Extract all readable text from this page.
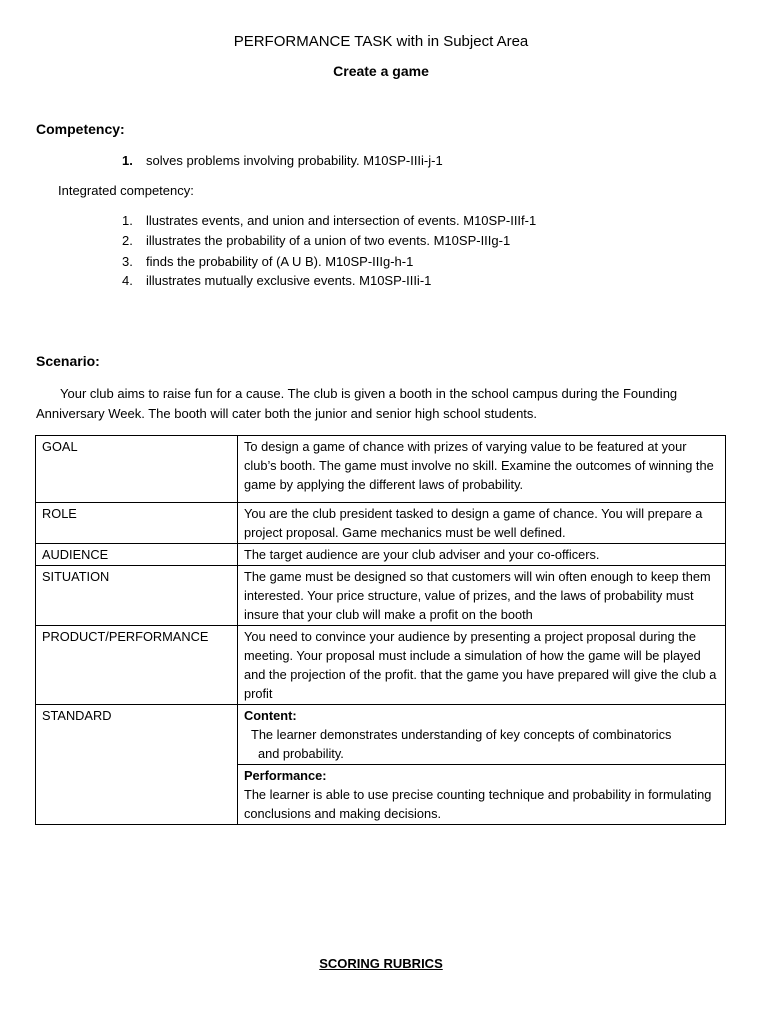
PERFORMANCE TASK with in Subject Area
Create a game
Competency:
1. solves problems involving probability. M10SP-IIIi-j-1
Integrated competency:
1. llustrates events, and union and intersection of events. M10SP-IIIf-1
2. illustrates the probability of a union of two events. M10SP-IIIg-1
3. finds the probability of (A U B). M10SP-IIIg-h-1
4. illustrates mutually exclusive events. M10SP-IIIi-1
Scenario:
Your club aims to raise fun for a cause. The club is given a booth in the school campus during the Founding Anniversary Week. The booth will cater both the junior and senior high school students.
GOAL	To design a game of chance with prizes of varying value to be featured at your club’s booth. The game must involve no skill. Examine the outcomes of winning the game by applying the different laws of probability.
ROLE	You are the club president tasked to design a game of chance. You will prepare a project proposal. Game mechanics must be well defined.
AUDIENCE	The target audience are your club adviser and your co-officers.
SITUATION	The game must be designed so that customers will win often enough to keep them interested. Your price structure, value of prizes, and the laws of probability must insure that your club will make a profit on the booth
PRODUCT/PERFORMANCE	You need to convince your audience by presenting a project proposal during the meeting. Your proposal must include a simulation of how the game will be played and the projection of the profit. that the game you have prepared will give the club a profit
STANDARD	Content:
The learner demonstrates understanding of key concepts of combinatorics
and probability.

	Performance:
The learner is able to use precise counting technique and probability in formulating conclusions and making decisions.
SCORING RUBRICS
